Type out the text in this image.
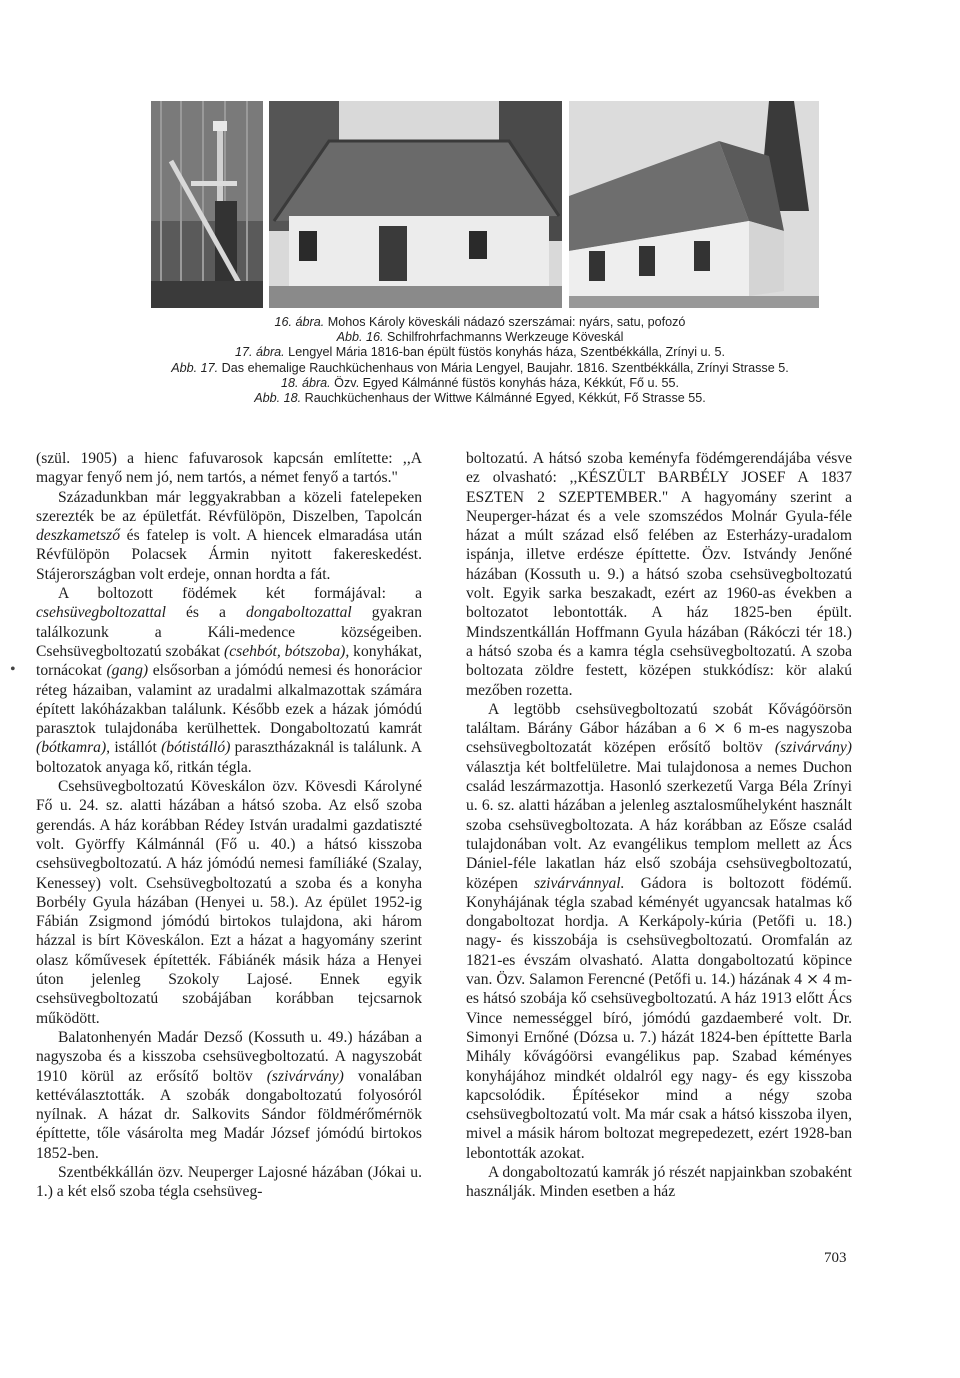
16. ábra. Mohos Károly köveskáli nádazó szerszámai: nyárs, satu, pofozó

Abb. 16. Schilfrohrfachmanns Werkzeuge Köveskál

17. ábra. Lengyel Mária 1816-ban épült füstös konyhás háza, Szentbékkálla, Zrínyi u. 5.

Abb. 17. Das ehemalige Rauchküchenhaus von Mária Lengyel, Baujahr. 1816. Szentbékkálla, Zrínyi Strasse 5.

18. ábra. Özv. Egyed Kálmánné füstös konyhás háza, Kékkút, Fő u. 55.

Abb. 18. Rauchküchenhaus der Wittwe Kálmánné Egyed, Kékkút, Fő Strasse 55.

(szül. 1905) a hienc fafuvarosok kapcsán említette: ,,A magyar fenyő nem jó, nem tartós, a német fenyő a tartós."

Századunkban már leggyakrabban a közeli fatelepeken szerezték be az épületfát. Révfülöpön, Diszelben, Tapolcán deszkametsző és fatelep is volt. A hiencek elmaradása után Révfülöpön Polacsek Ármin nyitott fakereskedést. Stájerországban volt erdeje, onnan hordta a fát.

A boltozott födémek két formájával: a csehsüvegboltozattal és a dongaboltozattal gyakran találkozunk a Káli-medence községeiben. Csehsüvegboltozatú szobákat (csehbót, bótszoba), konyhákat, tornácokat (gang) elsősorban a jómódú nemesi és honorácior réteg házaiban, valamint az uradalmi alkalmazottak számára épített lakóházakban találunk. Később ezek a házak jómódú parasztok tulajdonába kerülhettek. Dongaboltozatú kamrát (bótkamra), istállót (bótistálló) parasztházaknál is találunk. A boltozatok anyaga kő, ritkán tégla.

Csehsüvegboltozatú Köveskálon özv. Kövesdi Károlyné Fő u. 24. sz. alatti házában a hátsó szoba. Az első szoba gerendás. A ház korábban Rédey István uradalmi gazdatiszté volt. Györffy Kálmánnál (Fő u. 40.) a hátsó kisszoba csehsüvegboltozatú. A ház jómódú nemesi famíliáké (Szalay, Kenessey) volt. Csehsüvegboltozatú a szoba és a konyha Borbély Gyula házában (Henyei u. 58.). Az épület 1952-ig Fábián Zsigmond jómódú birtokos tulajdona, aki három házzal is bírt Köveskálon. Ezt a házat a hagyomány szerint olasz kőművesek építették. Fábiánék másik háza a Henyei úton jelenleg Szokoly Lajosé. Ennek egyik csehsüvegboltozatú szobájában korábban tejcsarnok működött.

Balatonhenyén Madár Dezső (Kossuth u. 49.) házában a nagyszoba és a kisszoba csehsüvegboltozatú. A nagyszobát 1910 körül az erősítő boltöv (szivárvány) vonalában kettéválasztották. A szobák dongaboltozatú folyosóról nyílnak. A házat dr. Salkovits Sándor földmérőmérnök építtette, tőle vásárolta meg Madár József jómódú birtokos 1852-ben.

Szentbékkállán özv. Neuperger Lajosné házában (Jókai u. 1.) a két első szoba tégla csehsüveg-

boltozatú. A hátsó szoba keményfa födémgerendájába vésve ez olvasható: ,,KÉSZÜLT BARBÉLY JOSEF A 1837 ESZTEN 2 SZEPTEMBER." A hagyomány szerint a Neuperger-házat és a vele szomszédos Molnár Gyula-féle házat a múlt század első felében az Esterházy-uradalom ispánja, illetve erdésze építtette. Özv. Istvándy Jenőné házában (Kossuth u. 9.) a hátsó szoba csehsüvegboltozatú volt. Egyik sarka beszakadt, ezért az 1960-as években a boltozatot lebontották. A ház 1825-ben épült. Mindszentkállán Hoffmann Gyula házában (Rákóczi tér 18.) a hátsó szoba és a kamra tégla csehsüvegboltozatú. A szoba boltozata zöldre festett, középen stukkódísz: kör alakú mezőben rozetta.

A legtöbb csehsüvegboltozatú szobát Kővágóörsön találtam. Bárány Gábor házában a 6 ⨯ 6 m-es nagyszoba csehsüvegboltozatát középen erősítő boltöv (szivárvány) választja két boltfelületre. Mai tulajdonosa a nemes Duchon család leszármazottja. Hasonló szerkezetű Varga Béla Zrínyi u. 6. sz. alatti házában a jelenleg asztalosműhelyként használt szoba csehsüvegboltozata. A ház korábban az Eősze család tulajdonában volt. Az evangélikus templom mellett az Ács Dániel-féle lakatlan ház első szobája csehsüvegboltozatú, középen szivárvánnyal. Gádora is boltozott födémű. Konyhájának tégla szabad kéményét ugyancsak hatalmas kő dongaboltozat hordja. A Kerkápoly-kúria (Petőfi u. 18.) nagy- és kisszobája is csehsüvegboltozatú. Oromfalán az 1821-es évszám olvasható. Alatta dongaboltozatú köpince van. Özv. Salamon Ferencné (Petőfi u. 14.) házának 4 ⨯ 4 m-es hátsó szobája kő csehsüvegboltozatú. A ház 1913 előtt Ács Vince nemességgel bíró, jómódú gazdaemberé volt. Dr. Simonyi Ernőné (Dózsa u. 7.) házát 1824-ben építtette Barla Mihály kővágóörsi evangélikus pap. Szabad kéményes konyhájához mindkét oldalról egy nagy- és egy kisszoba kapcsolódik. Építésekor mind a négy szoba csehsüvegboltozatú volt. Ma már csak a hátsó kisszoba ilyen, mivel a másik három boltozat megrepedezett, ezért 1928-ban lebontották azokat.

A dongaboltozatú kamrák jó részét napjainkban szobaként használják. Minden esetben a ház

•
703
